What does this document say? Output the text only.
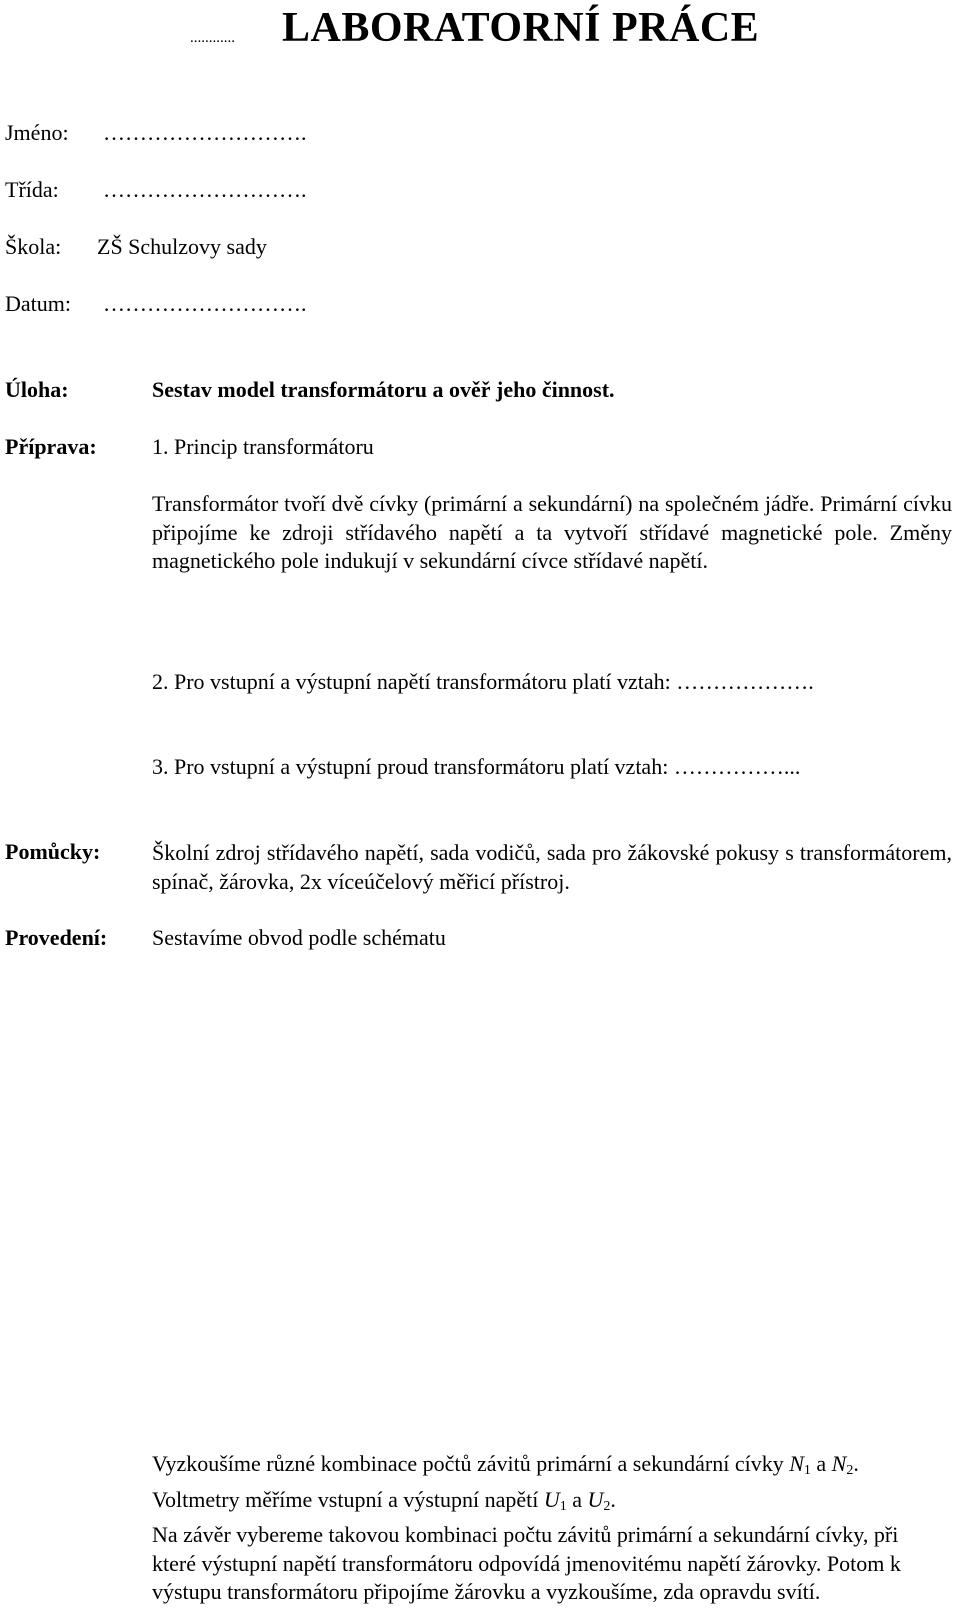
............ LABORATORNÍ PRÁCE
Jméno: ……………………….
Třída: ……………………….
Škola: ZŠ Schulzovy sady
Datum: ……………………….
Úloha:	Sestav model transformátoru a ověř jeho činnost.
Příprava:	1. Princip transformátoru
Transformátor tvoří dvě cívky (primární a sekundární) na společném jádře. Primární cívku připojíme ke zdroji střídavého napětí a ta vytvoří střídavé magnetické pole. Změny magnetického pole indukují v sekundární cívce střídavé napětí.
2. Pro vstupní a výstupní napětí transformátoru platí vztah: ……………….
3. Pro vstupní a výstupní proud transformátoru platí vztah: ……………...
Pomůcky: Školní zdroj střídavého napětí, sada vodičů, sada pro žákovské pokusy s transformátorem, spínač, žárovka, 2x víceúčelový měřicí přístroj.
Provedení: Sestavíme obvod podle schématu

Vyzkoušíme různé kombinace počtů závitů primární a sekundární cívky $N_1$ a $N_2$.

Voltmetry měříme vstupní a výstupní napětí $U_1$ a $U_2$.

Na závěr vybereme takovou kombinaci počtu závitů primární a sekundární cívky, při které výstupní napětí transformátoru odpovídá jmenovitému napětí žárovky. Potom k výstupu transformátoru připojíme žárovku a vyzkoušíme, zda opravdu svítí.
